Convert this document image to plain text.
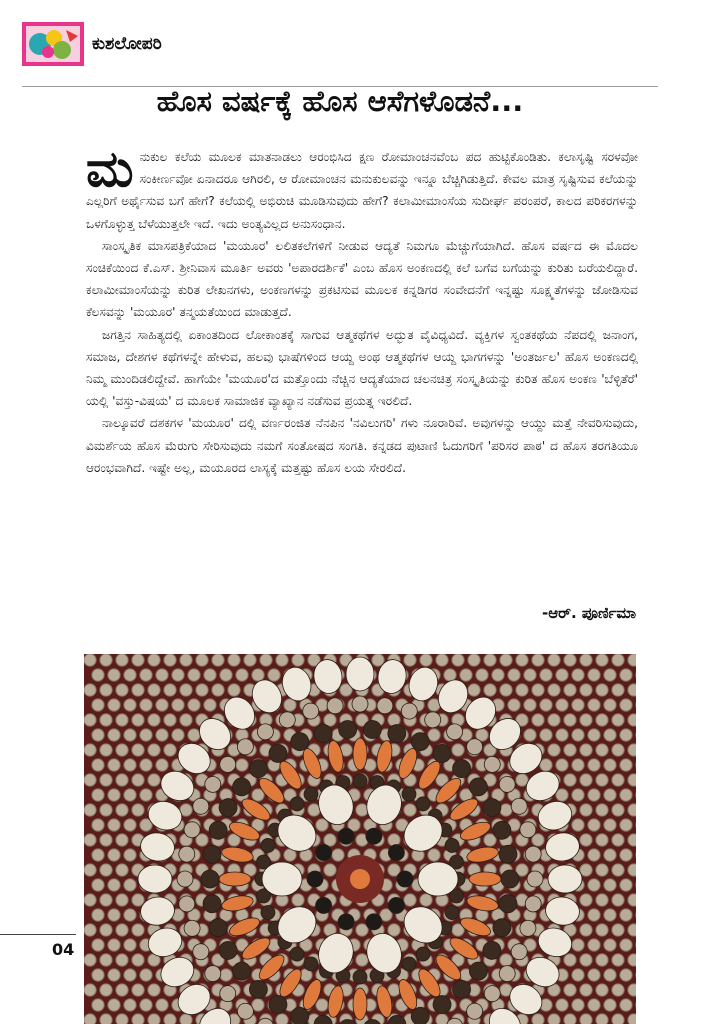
ಕುಶಲೋಪರಿ
ಹೊಸ ವರ್ಷಕ್ಕೆ ಹೊಸ ಆಸೆಗಳೊಡನೆ...
ಮ ನುಕುಲ ಕಲೆಯ ಮೂಲಕ ಮಾತನಾಡಲು ಆರಂಭಿಸಿದ ಕ್ಷಣ ರೋಮಾಂಚನವೆಂಬ ಪದ ಹುಟ್ಟಿಕೊಂಡಿತು. ಕಲಾಸೃಷ್ಟಿ ಸರಳವೋ ಸಂಕೀರ್ಣವೋ ಏನಾದರೂ ಆಗಿರಲಿ, ಆ ರೋಮಾಂಚನ ಮನುಕುಲವನ್ನು ಇನ್ನೂ ಬೆಚ್ಚಿಗಿಡುತ್ತಿದೆ. ಕೇವಲ ಮಾತ್ರ ಸೃಷ್ಟಿಸುವ ಕಲೆಯನ್ನು ಎಲ್ಲರಿಗೆ ಅರ್ಥೈಸುವ ಬಗೆ ಹೇಗೆ? ಕಲೆಯಲ್ಲಿ ಅಭಿರುಚಿ ಮೂಡಿಸುವುದು ಹೇಗೆ? ಕಲಾಮೀಮಾಂಸೆಯ ಸುದೀರ್ಘ ಪರಂಪರೆ, ಕಾಲದ ಪರಿಕರಗಳನ್ನು ಒಳಗೊಳ್ಳುತ್ತ ಬೆಳೆಯುತ್ತಲೇ ಇದೆ. ಇದು ಅಂತ್ಯವಿಲ್ಲದ ಅನುಸಂಧಾನ.

ಸಾಂಸ್ಕೃತಿಕ ಮಾಸಪತ್ರಿಕೆಯಾದ 'ಮಯೂರ' ಲಲಿತಕಲೆಗಳಿಗೆ ನೀಡುವ ಆದ್ಯತೆ ನಿಮಗೂ ಮೆಚ್ಚುಗೆಯಾಗಿದೆ. ಹೊಸ ವರ್ಷದ ಈ ಮೊದಲ ಸಂಚಿಕೆಯಿಂದ ಕೆ.ಎಸ್. ಶ್ರೀನಿವಾಸ ಮೂರ್ತಿ ಅವರು 'ಅಪಾರದರ್ಶಿಕೆ' ಎಂಬ ಹೊಸ ಅಂಕಣದಲ್ಲಿ ಕಲೆ ಬಗೆವ ಬಗೆಯನ್ನು ಕುರಿತು ಬರೆಯಲಿದ್ದಾರೆ. ಕಲಾಮೀಮಾಂಸೆಯನ್ನು ಕುರಿತ ಲೇಖನಗಳು, ಅಂಕಣಗಳನ್ನು ಪ್ರಕಟಿಸುವ ಮೂಲಕ ಕನ್ನಡಿಗರ ಸಂವೇದನೆಗೆ ಇನ್ನಷ್ಟು ಸೂಕ್ಷ್ಮತೆಗಳನ್ನು ಜೋಡಿಸುವ ಕೆಲಸವನ್ನು 'ಮಯೂರ' ತನ್ಮಯತೆಯಿಂದ ಮಾಡುತ್ತದೆ.

ಜಗತ್ತಿನ ಸಾಹಿತ್ಯದಲ್ಲಿ ಏಕಾಂತದಿಂದ ಲೋಕಾಂತಕ್ಕೆ ಸಾಗುವ ಆತ್ಮಕಥೆಗಳ ಅದ್ಭುತ ವೈವಿಧ್ಯವಿದೆ. ವ್ಯಕ್ತಿಗಳ ಸ್ವಂತಕಥೆಯ ನೆಪದಲ್ಲಿ ಜನಾಂಗ, ಸಮಾಜ, ದೇಶಗಳ ಕಥೆಗಳನ್ನೇ ಹೇಳುವ, ಹಲವು ಭಾಷೆಗಳಿಂದ ಆಯ್ದ ಅಂಥ ಆತ್ಮಕಥೆಗಳ ಆಯ್ದ ಭಾಗಗಳನ್ನು 'ಅಂತರ್ಜಲ' ಹೊಸ ಅಂಕಣದಲ್ಲಿ ನಿಮ್ಮ ಮುಂದಿಡಲಿದ್ದೇವೆ. ಹಾಗೆಯೇ 'ಮಯೂರ'ದ ಮತ್ತೊಂದು ನೆಚ್ಚಿನ ಆದ್ಯತೆಯಾದ ಚಲನಚಿತ್ರ ಸಂಸ್ಕೃತಿಯನ್ನು ಕುರಿತ ಹೊಸ ಅಂಕಣ 'ಬೆಳ್ಳಿತೆರೆ' ಯಲ್ಲಿ 'ವಸ್ತು-ವಿಷಯ' ದ ಮೂಲಕ ಸಾಮಾಜಿಕ ವ್ಯಾಖ್ಯಾನ ನಡೆಸುವ ಪ್ರಯತ್ನ ಇರಲಿದೆ.

ನಾಲ್ಕೂವರೆ ದಶಕಗಳ 'ಮಯೂರ' ದಲ್ಲಿ ವರ್ಣರಂಜಿತ ನೆನಪಿನ 'ನವಿಲುಗರಿ' ಗಳು ನೂರಾರಿವೆ. ಅವುಗಳನ್ನು ಆಯ್ದು ಮತ್ತೆ ನೇವರಿಸುವುದು, ವಿಮರ್ಶೆಯ ಹೊಸ ಮೆರುಗು ಸೇರಿಸುವುದು ನಮಗೆ ಸಂತೋಷದ ಸಂಗತಿ. ಕನ್ನಡದ ಪುಟಾಣಿ ಓದುಗರಿಗೆ 'ಪರಿಸರ ಪಾಠ' ದ ಹೊಸ ತರಗತಿಯೂ ಆರಂಭವಾಗಿದೆ. ಇಷ್ಟೇ ಅಲ್ಲ, ಮಯೂರದ ಲಾಸ್ಯಕ್ಕೆ ಮತ್ತಷ್ಟು ಹೊಸ ಲಯ ಸೇರಲಿದೆ.

-ಆರ್. ಪೂರ್ಣಿಮಾ
04
